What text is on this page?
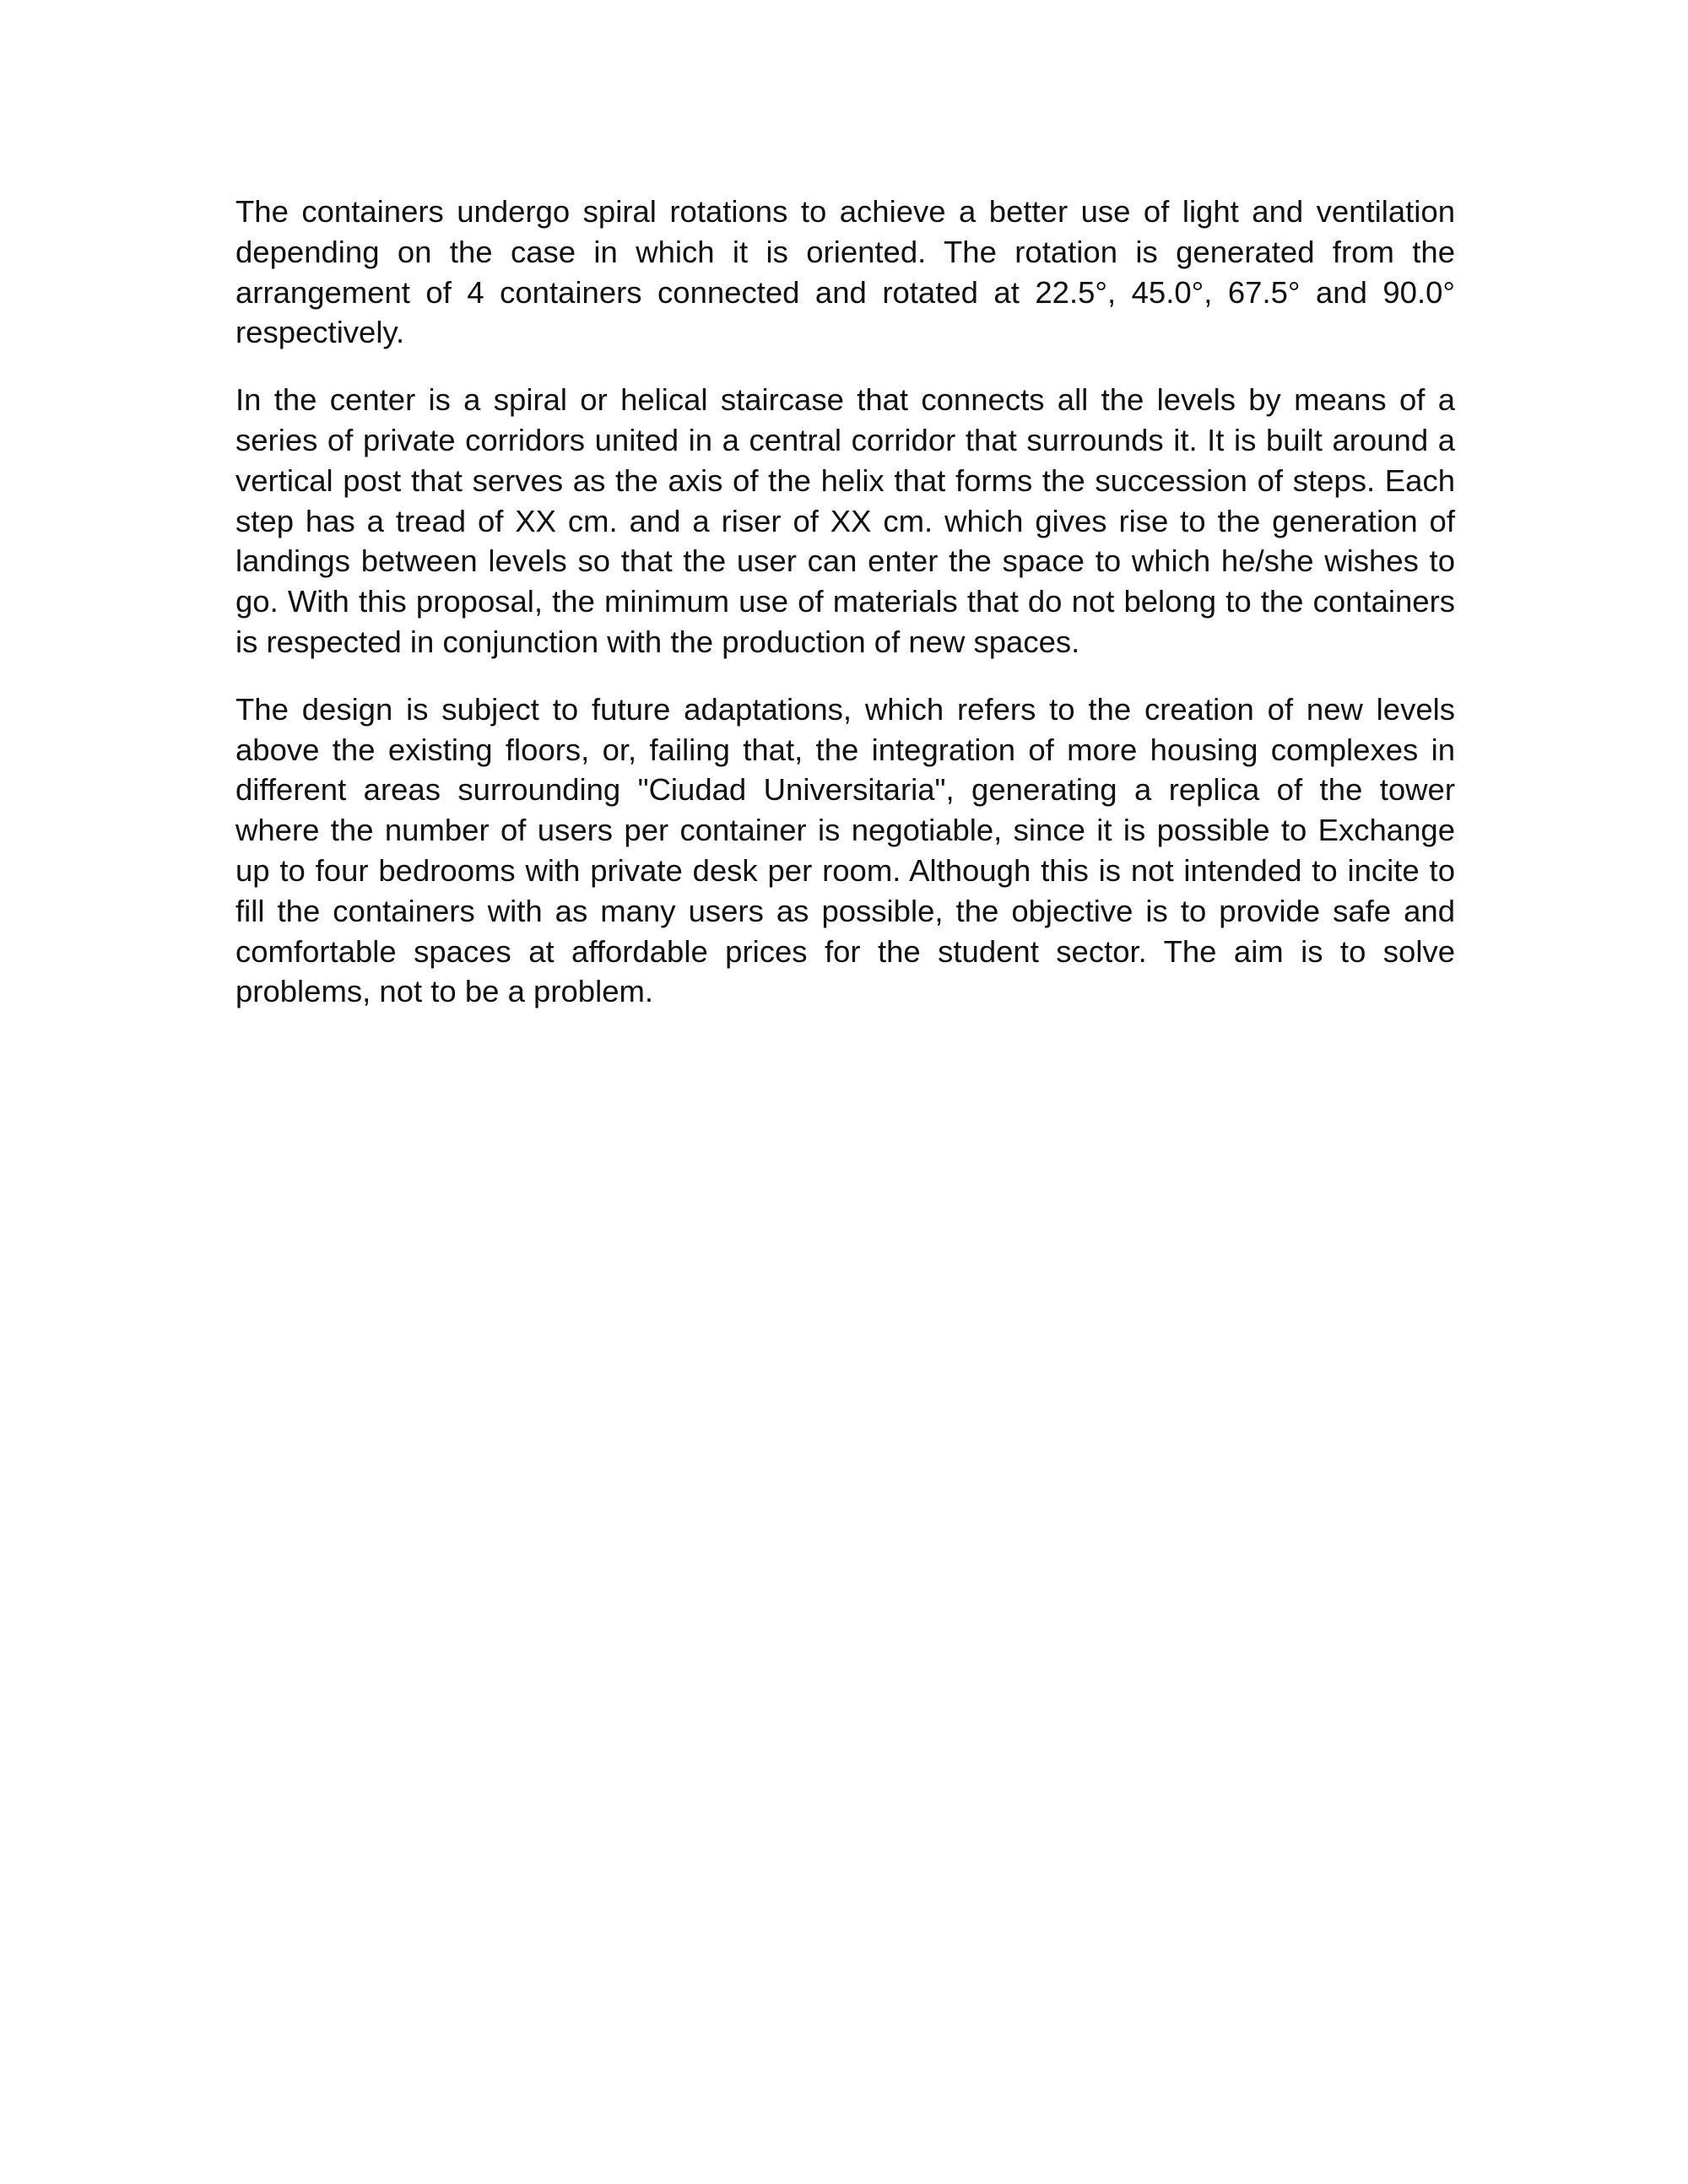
The containers undergo spiral rotations to achieve a better use of light and ventilation depending on the case in which it is oriented. The rotation is generated from the arrangement of 4 containers connected and rotated at 22.5°, 45.0°, 67.5° and 90.0° respectively.

In the center is a spiral or helical staircase that connects all the levels by means of a series of private corridors united in a central corridor that surrounds it. It is built around a vertical post that serves as the axis of the helix that forms the succession of steps. Each step has a tread of XX cm. and a riser of XX cm. which gives rise to the generation of landings between levels so that the user can enter the space to which he/she wishes to go. With this proposal, the minimum use of materials that do not belong to the containers is respected in conjunction with the production of new spaces.

The design is subject to future adaptations, which refers to the creation of new levels above the existing floors, or, failing that, the integration of more housing complexes in different areas surrounding "Ciudad Universitaria", generating a replica of the tower where the number of users per container is negotiable, since it is possible to Exchange up to four bedrooms with private desk per room. Although this is not intended to incite to fill the containers with as many users as possible, the objective is to provide safe and comfortable spaces at affordable prices for the student sector. The aim is to solve problems, not to be a problem.
